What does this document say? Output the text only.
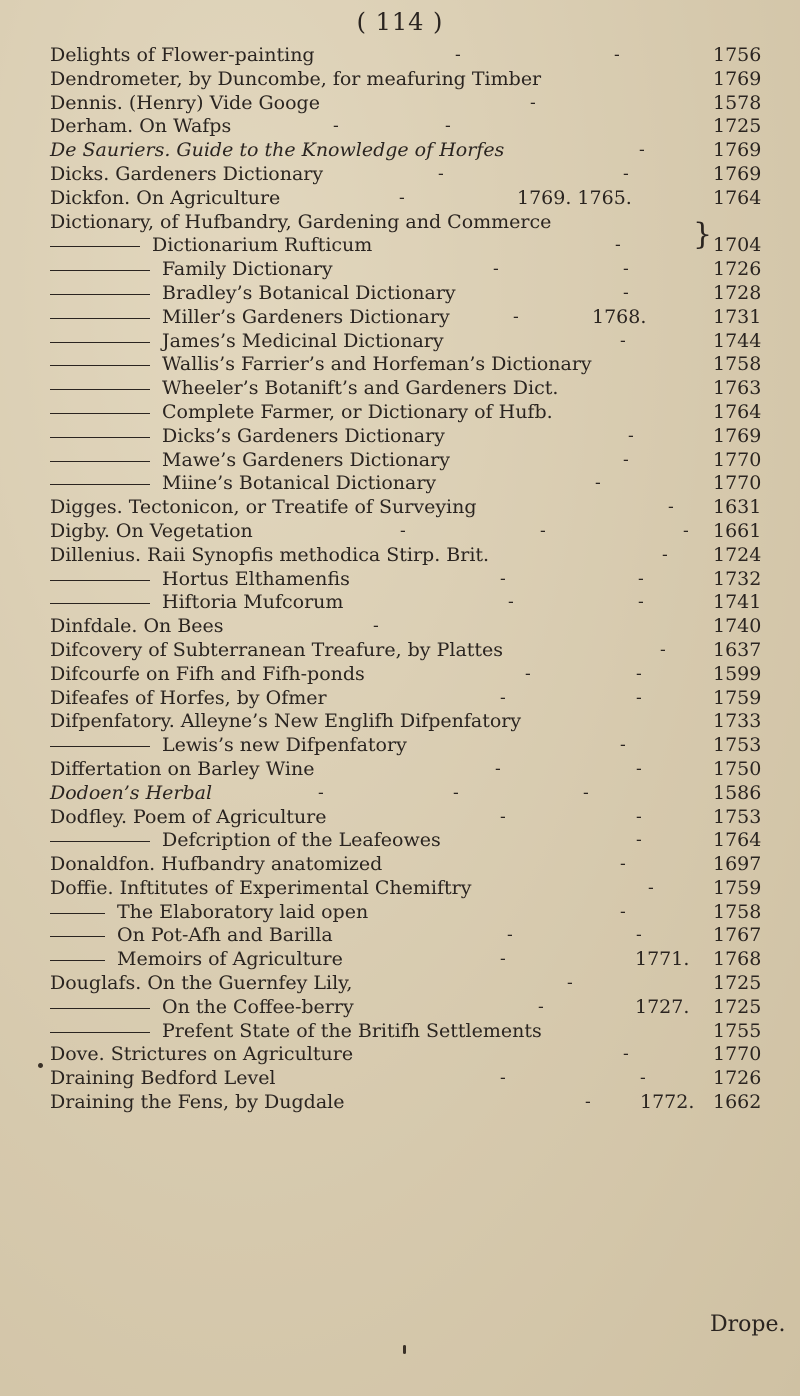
( 114 )
Delights of Flower-painting	-	-	1756
Dendrometer, by Duncombe, for meafuring Timber	1769
Dennis. (Henry) Vide Googe	-	1578
Derham. On Wafps	-	-	1725
De Sauriers. Guide to the Knowledge of Horfes	-	1769
Dicks. Gardeners Dictionary	-	-	1769
Dickfon. On Agriculture	-	1769. 1765.	1764
Dictionary, of Hufbandry, Gardening and Commerce	}
Dictionarium Rufticum	-	1704
Family Dictionary	-	-	1726
Bradley’s Botanical Dictionary	-	1728
Miller’s Gardeners Dictionary	-	1768.	1731
James’s Medicinal Dictionary	-	1744
Wallis’s Farrier’s and Horfeman’s Dictionary	1758
Wheeler’s Botanift’s and Gardeners Dict.	1763
Complete Farmer, or Dictionary of Hufb.	1764
Dicks’s Gardeners Dictionary	-	1769
Mawe’s Gardeners Dictionary	-	1770
Miine’s Botanical Dictionary	-	1770
Digges. Tectonicon, or Treatife of Surveying	- 1631
Digby. On Vegetation	-	-	- 1661
Dillenius. Raii Synopfis methodica Stirp. Brit.	- 1724
Hortus Elthamenfis	-	-	1732
Hiftoria Mufcorum	-	-	1741
Dinfdale. On Bees	-	1740
Difcovery of Subterranean Treafure, by Plattes	- 1637
Difcourfe on Fifh and Fifh-ponds	-	-	1599
Difeafes of Horfes, by Ofmer	-	-	1759
Difpenfatory. Alleyne’s New Englifh Difpenfatory	1733
Lewis’s new Difpenfatory	-	1753
Differtation on Barley Wine	-	-	1750
Dodoen’s Herbal	-	-	-	1586
Dodfley. Poem of Agriculture	-	-	1753
Defcription of the Leafeowes	-	1764
Donaldfon. Hufbandry anatomized	-	1697
Doffie. Inftitutes of Experimental Chemiftry	-	1759
The Elaboratory laid open	-	1758
On Pot-Afh and Barilla	-	-	1767
Memoirs of Agriculture	-	1771. 1768
Douglafs. On the Guernfey Lily,	-	1725
On the Coffee-berry	-	1727. 1725
Prefent State of the Britifh Settlements	1755
Dove. Strictures on Agriculture	-	1770
Draining Bedford Level	-	-	1726
Draining the Fens, by Dugdale	-	1772. 1662
Drope.
